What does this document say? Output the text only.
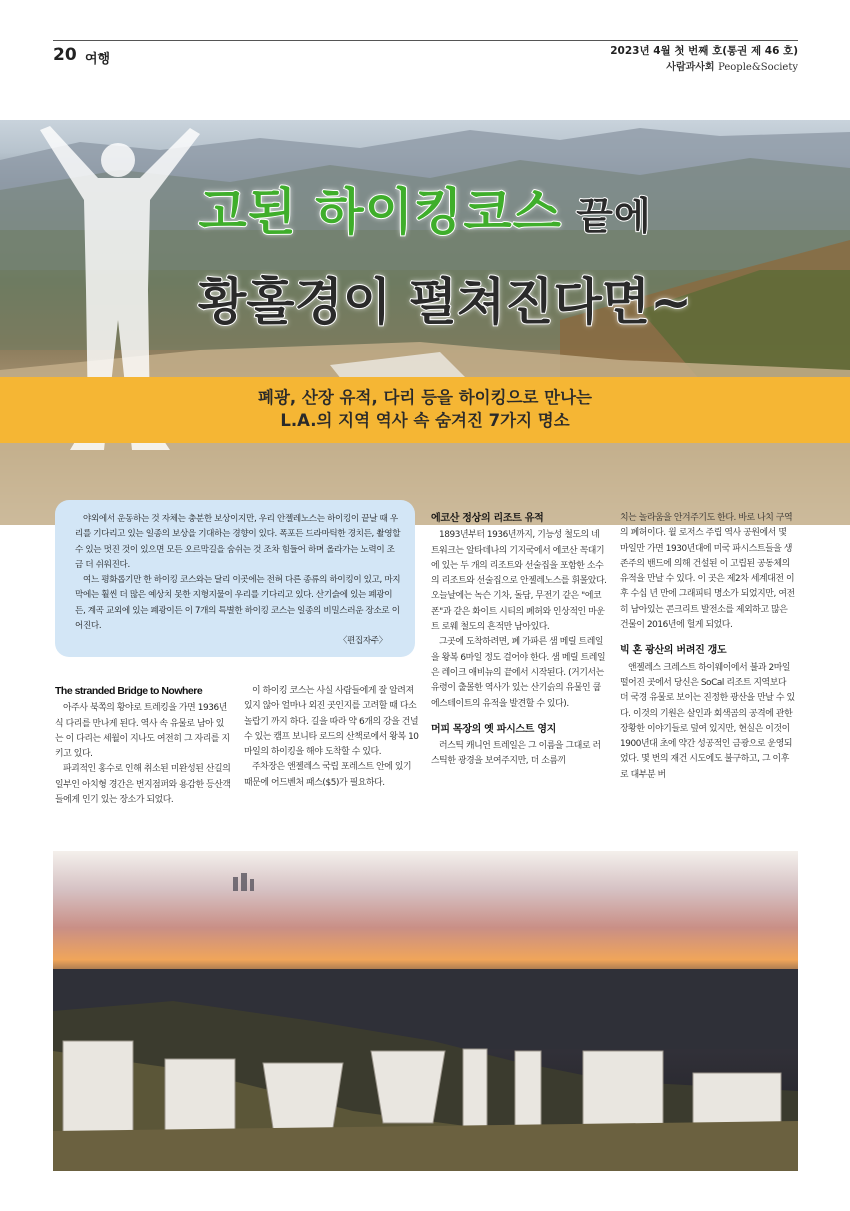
20 여행
2023년 4월 첫 번째 호(통권 제 46 호)
사람과사회 People&Society
고된 하이킹코스 끝에
황홀경이 펼쳐진다면~

폐광, 산장 유적, 다리 등을 하이킹으로 만나는

L.A.의 지역 역사 속 숨겨진 7가지 명소

야외에서 운동하는 것 자체는 충분한 보상이지만, 우리 안젤레노스는 하이킹이 끝날 때 우리를 기다리고 있는 일종의 보상을 기대하는 경향이 있다. 폭포든 드라마틱한 경치든, 촬영할 수 있는 멋진 것이 있으면 모든 오르막길을 숨쉬는 것 조차 힘들어 하며 올라가는 노력이 조금 더 쉬워진다.

여느 평화롭기만 한 하이킹 코스와는 달리 이곳에는 전혀 다른 종류의 하이킹이 있고, 마지막에는 훨씬 더 많은 예상치 못한 지형지물이 우리를 기다리고 있다. 산기슭에 있는 폐광이든, 계곡 교외에 있는 폐광이든 이 7개의 특별한 하이킹 코스는 일종의 비밀스러운 장소로 이어진다.

〈편집자주〉

The stranded Bridge to Nowhere

아주사 북쪽의 황야로 트레킹을 가면 1936년식 다리를 만나게 된다. 역사 속 유물로 남아 있는 이 다리는 세월이 지나도 여전히 그 자리를 지키고 있다.

파괴적인 홍수로 인해 취소된 미완성된 산길의 일부인 아치형 경간은 번지점퍼와 용감한 등산객들에게 인기 있는 장소가 되었다.

이 하이킹 코스는 사실 사람들에게 잘 알려져 있지 않아 얼마나 외진 곳인지를 고려할 때 다소 놀랍기 까지 하다. 길을 따라 약 6개의 강을 건널 수 있는 캠프 보니타 로드의 산책로에서 왕복 10마일의 하이킹을 해야 도착할 수 있다.

주차장은 앤젤레스 국립 포레스트 안에 있기 때문에 어드벤처 패스($5)가 필요하다.

에코산 정상의 리조트 유적

1893년부터 1936년까지, 기능성 철도의 네트워크는 알타데나의 기지국에서 에코산 꼭대기에 있는 두 개의 리조트와 선술집을 포함한 소수의 리조트와 선술집으로 안젤레노스를 휘몰았다. 오늘날에는 녹슨 기차, 돌담, 무전기 같은 "에코폰"과 같은 화이트 시티의 폐허와 인상적인 마운트 로웨 철도의 흔적만 남아있다.

그곳에 도착하려면, 폐 가파른 샘 메릴 트레일을 왕복 6마일 정도 걸어야 한다. 샘 메릴 트레일은 레이크 애비뉴의 끝에서 시작된다. (거기서는 유령이 출몰한 역사가 있는 산기슭의 유물인 쿱 에스테이트의 유적을 발견할 수 있다).

머피 목장의 옛 파시스트 영지

러스틱 캐니언 트레일은 그 이름을 그대로 러스틱한 광경을 보여주지만, 더 소름끼

치는 놀라움을 안겨주기도 한다. 바로 나치 구역의 폐허이다. 윌 로저스 주립 역사 공원에서 몇 마일만 가면 1930년대에 미국 파시스트들을 생존주의 밴드에 의해 건설된 이 고립된 공동체의 유적을 만날 수 있다. 이 곳은 제2차 세계대전 이후 수십 년 만에 그래피티 명소가 되었지만, 여전히 남아있는 콘크리트 발전소를 제외하고 많은 건물이 2016년에 헐게 되었다.

빅 혼 광산의 버려진 갱도

앤젤레스 크레스트 하이웨이에서 불과 2마일 떨어진 곳에서 당신은 SoCal 리조트 지역보다 더 국경 유물로 보이는 진정한 광산을 만날 수 있다. 이것의 기원은 살인과 회색곰의 공격에 관한 장황한 이야기들로 덮여 있지만, 현실은 이것이 1900년대 초에 약간 성공적인 금광으로 운영되었다. 몇 번의 재건 시도에도 불구하고, 그 이후로 대부분 버
